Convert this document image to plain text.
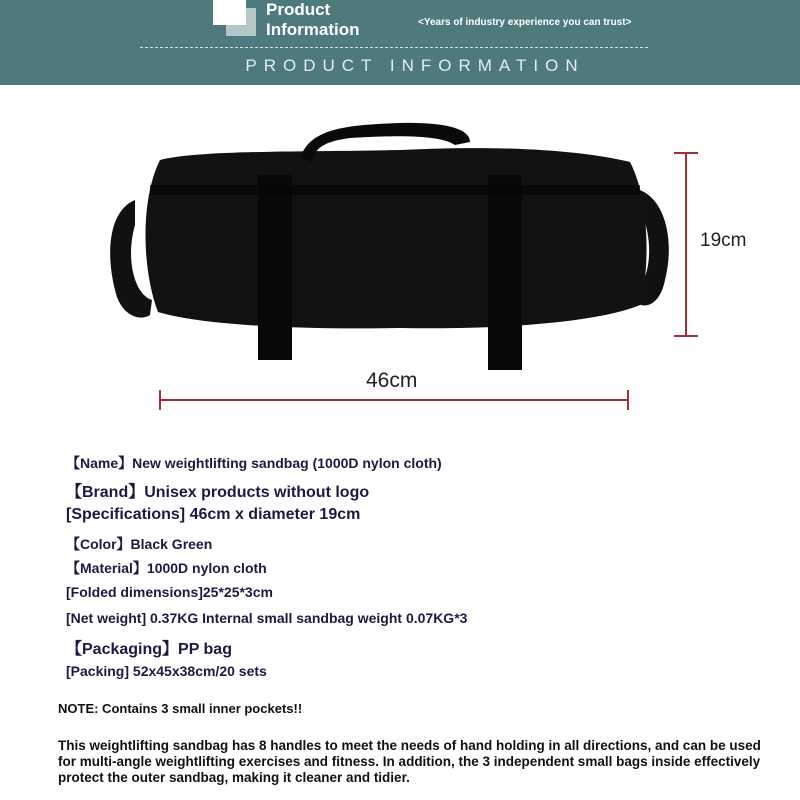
Product
Information	<Years of industry experience you can trust>
PRODUCT INFORMATION
19cm
46cm
【Name】New weightlifting sandbag (1000D nylon cloth)
【Brand】Unisex products without logo
[Specifications] 46cm x diameter 19cm
【Color】Black Green
【Material】1000D nylon cloth
[Folded dimensions]25*25*3cm
[Net weight] 0.37KG Internal small sandbag weight 0.07KG*3
【Packaging】PP bag
[Packing] 52x45x38cm/20 sets
NOTE: Contains 3 small inner pockets!!
This weightlifting sandbag has 8 handles to meet the needs of hand holding in all directions, and can be used for multi-angle weightlifting exercises and fitness. In addition, the 3 independent small bags inside effectively protect the outer sandbag, making it cleaner and tidier.
